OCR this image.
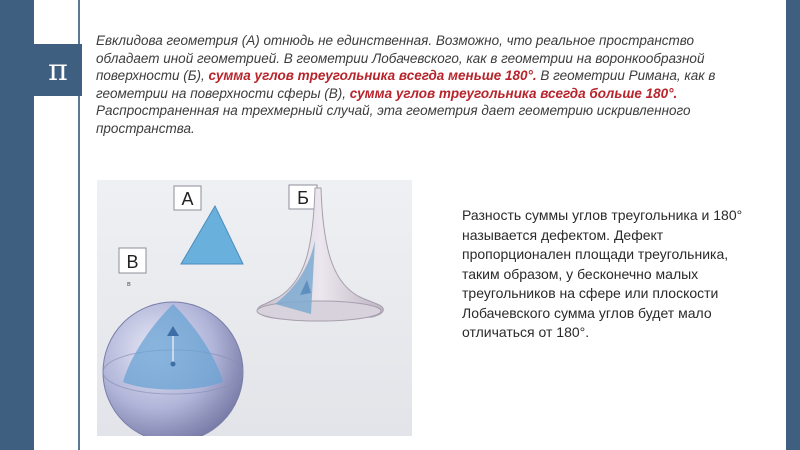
π
Евклидова геометрия (А) отнюдь не единственная. Возможно, что реальное пространство обладает иной геометрией. В геометрии Лобачевского, как в геометрии на воронкообразной поверхности (Б), сумма углов треугольника всегда меньше 180°. В геометрии Римана, как в геометрии на поверхности сферы (В), сумма углов треугольника всегда больше 180°. Распространенная на трехмерный случай, эта геометрия дает геометрию искривленного пространства.
А	Б
В
в
Разность суммы углов треугольника и 180° называется дефектом. Дефект пропорционален площади треугольника, таким образом, у бесконечно малых треугольников на сфере или плоскости Лобачевского сумма углов будет мало отличаться от 180°.
